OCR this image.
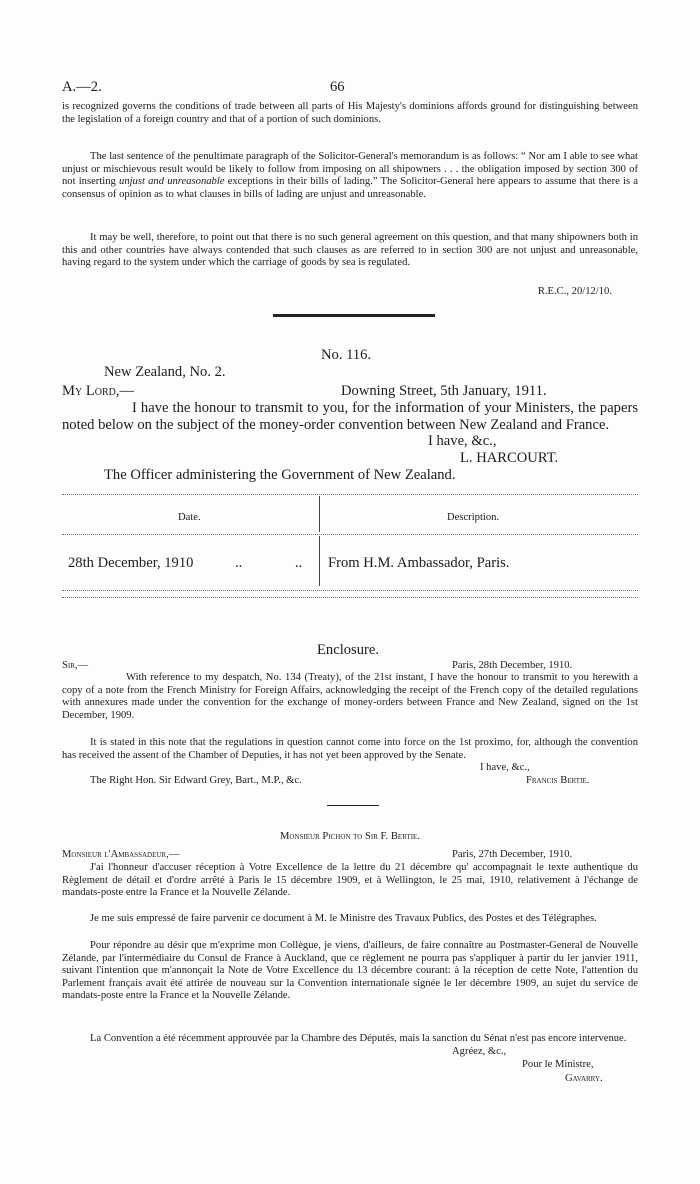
A.—2.	66
is recognized governs the conditions of trade between all parts of His Majesty's dominions affords ground for distinguishing between the legislation of a foreign country and that of a portion of such dominions.
The last sentence of the penultimate paragraph of the Solicitor-General's memorandum is as follows: “ Nor am I able to see what unjust or mischievous result would be likely to follow from imposing on all shipowners . . . the obligation imposed by section 300 of not inserting unjust and unreasonable exceptions in their bills of lading.” The Solicitor-General here appears to assume that there is a consensus of opinion as to what clauses in bills of lading are unjust and unreasonable.
It may be well, therefore, to point out that there is no such general agreement on this question, and that many shipowners both in this and other countries have always contended that such clauses as are referred to in section 300 are not unjust and unreasonable, having regard to the system under which the carriage of goods by sea is regulated.
R.E.C., 20/12/10.
No. 116.
New Zealand, No. 2.
My Lord,—	Downing Street, 5th January, 1911.
I have the honour to transmit to you, for the information of your Ministers, the papers noted below on the subject of the money-order convention between New Zealand and France.
I have, &c.,
L. HARCOURT.
The Officer administering the Government of New Zealand.
Date.	Description.
28th December, 1910	..	.. From H.M. Ambassador, Paris.
Enclosure.
Sir,—	Paris, 28th December, 1910.
With reference to my despatch, No. 134 (Treaty), of the 21st instant, I have the honour to transmit to you herewith a copy of a note from the French Ministry for Foreign Affairs, acknowledging the receipt of the French copy of the detailed regulations with annexures made under the convention for the exchange of money-orders between France and New Zealand, signed on the 1st December, 1909.
It is stated in this note that the regulations in question cannot come into force on the 1st proximo, for, although the convention has received the assent of the Chamber of Deputies, it has not yet been approved by the Senate.
I have, &c.,
The Right Hon. Sir Edward Grey, Bart., M.P., &c.	Francis Bertie.
Monsieur Pichon to Sir F. Bertie.
Monsieur l'Ambassadeur,—	Paris, 27th December, 1910.
J'ai l'honneur d'accuser réception à Votre Excellence de la lettre du 21 décembre qu' accompagnait le texte authentique du Règlement de détail et d'ordre arrêté à Paris le 15 décembre 1909, et à Wellington, le 25 mai, 1910, relativement à l'échange de mandats-poste entre la France et la Nouvelle Zélande.
Je me suis empressé de faire parvenir ce document à M. le Ministre des Travaux Publics, des Postes et des Télégraphes.
Pour répondre au désir que m'exprime mon Collègue, je viens, d'ailleurs, de faire connaître au Postmaster-General de Nouvelle Zélande, par l'intermédiaire du Consul de France à Auckland, que ce règlement ne pourra pas s'appliquer à partir du ler janvier 1911, suivant l'intention que m'annonçait la Note de Votre Excellence du 13 décembre courant: à la réception de cette Note, l'attention du Parlement français avait été attirée de nouveau sur la Convention internationale signée le ler décembre 1909, au sujet du service de mandats-poste entre la France et la Nouvelle Zélande.
La Convention a été récemment approuvée par la Chambre des Députés, mais la sanction du Sénat n'est pas encore intervenue.
Agréez, &c.,
Pour le Ministre,
Gavarry.
